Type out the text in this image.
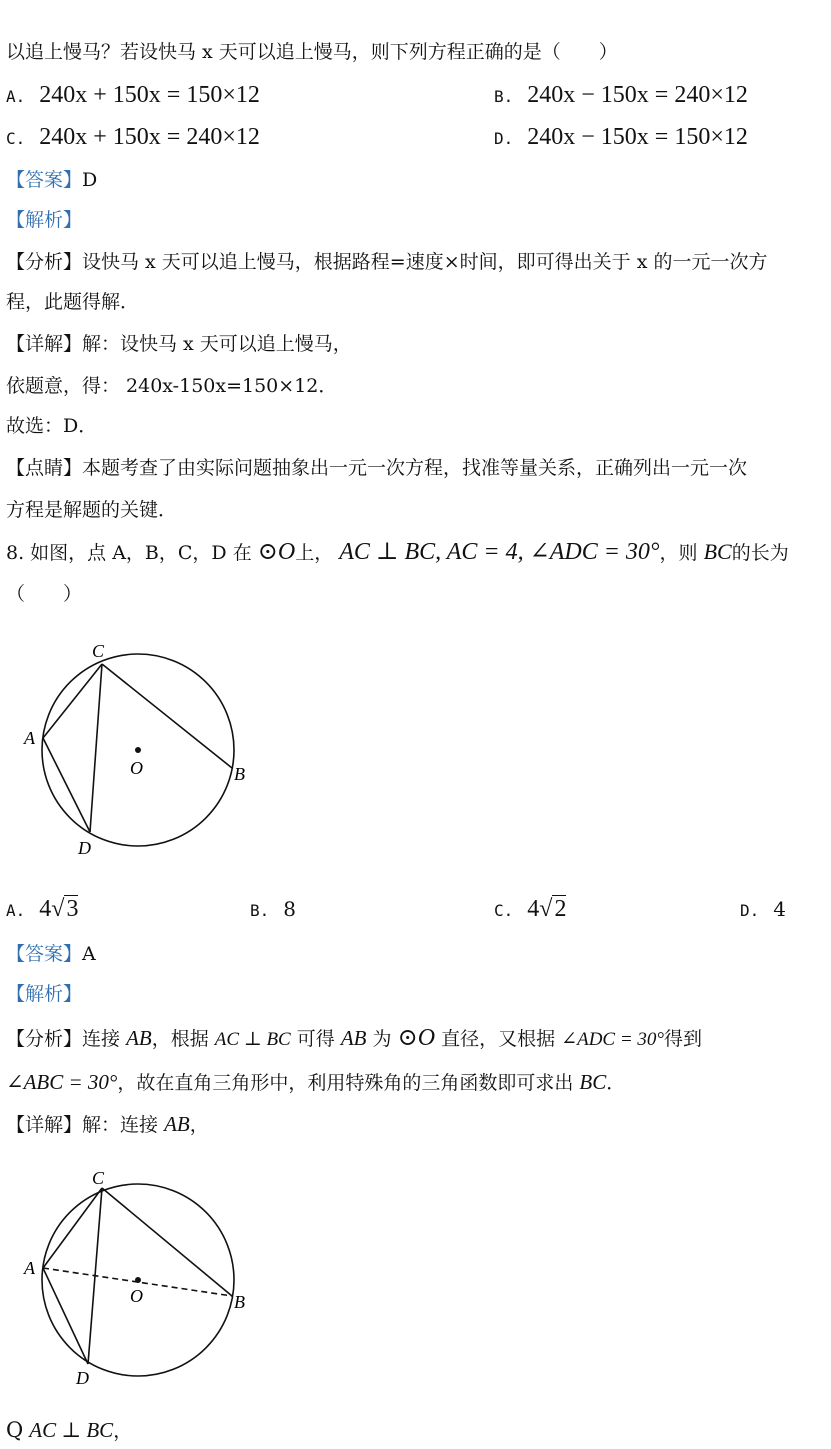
以追上慢马？若设快马 x 天可以追上慢马，则下列方程正确的是（　　）
A. 240x + 150x = 150×12	B. 240x − 150x = 240×12
C. 240x + 150x = 240×12	D. 240x − 150x = 150×12
【答案】D
【解析】
【分析】设快马 x 天可以追上慢马，根据路程=速度×时间，即可得出关于 x 的一元一次方
程，此题得解．
【详解】解：设快马 x 天可以追上慢马，
依题意，得： 240x-150x=150×12．
故选：D．
【点睛】本题考查了由实际问题抽象出一元一次方程，找准等量关系，正确列出一元一次
方程是解题的关键．
8. 如图，点 A，B，C，D 在 ⊙O上， AC ⊥ BC, AC = 4, ∠ADC = 30°，则 BC的长为
（　　）
C
A
O	B
D
A. 4√3	B. 8	C. 4√2	D. 4
【答案】A
【解析】
【分析】连接 AB，根据 AC ⊥ BC 可得 AB 为 ⊙O 直径，又根据 ∠ADC = 30°得到
∠ABC = 30°，故在直角三角形中，利用特殊角的三角函数即可求出 BC．
【详解】解：连接 AB，
C
A
O	B
D
Q AC ⊥ BC，
